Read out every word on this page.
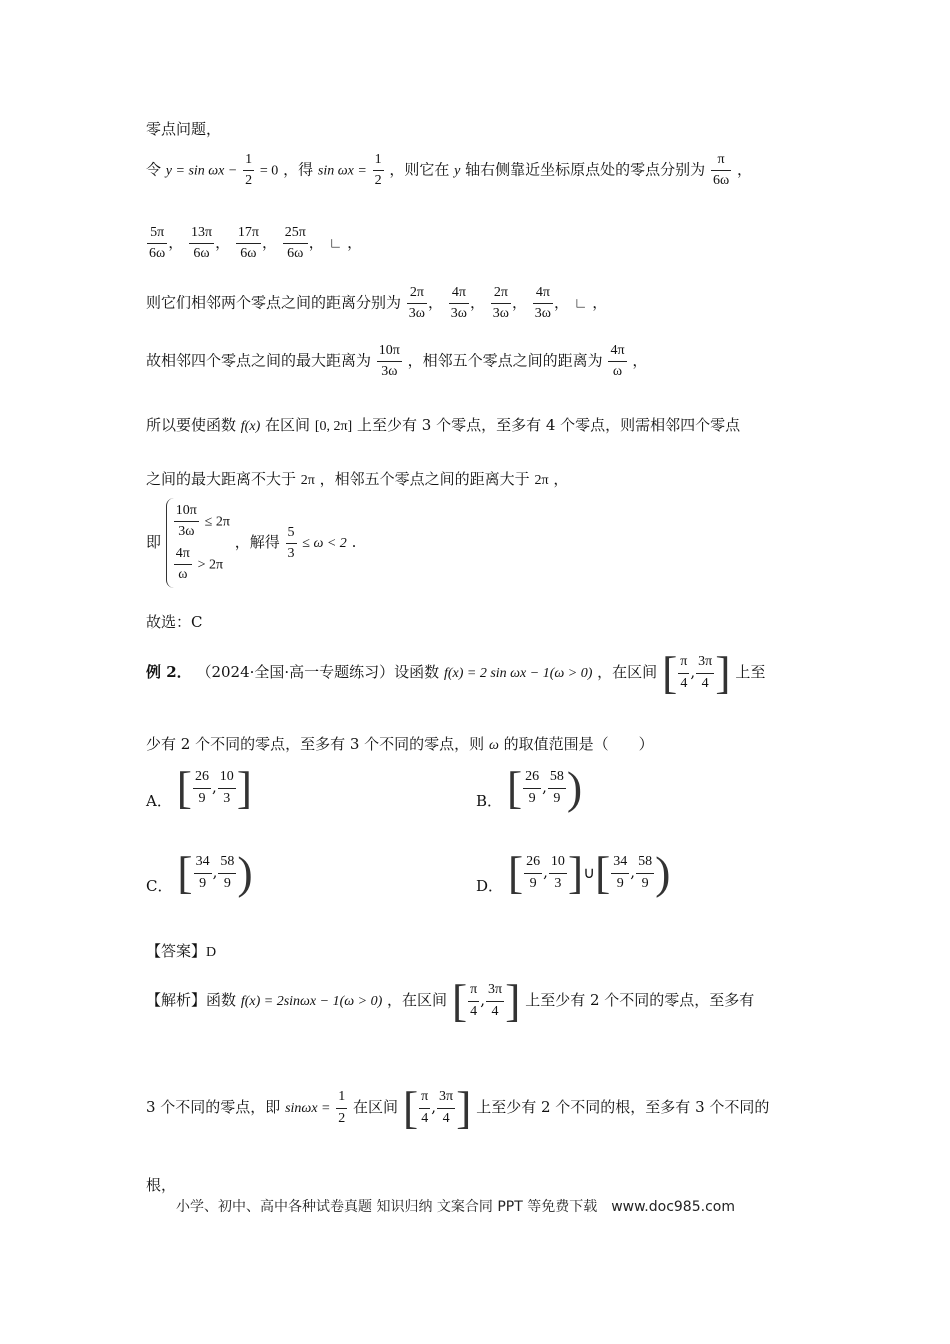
零点问题，
令 $y = \sin \omega x - \frac{1}{2} = 0$ ，得 $\sin \omega x = \frac{1}{2}$ ，则它在 y 轴右侧靠近坐标原点处的零点分别为 $\frac{\pi}{6\omega}$ ，
$\frac{5\pi}{6\omega}$ ， $\frac{13\pi}{6\omega}$ ， $\frac{17\pi}{6\omega}$ ， $\frac{25\pi}{6\omega}$ ， ∟ ，
则它们相邻两个零点之间的距离分别为 $\frac{2\pi}{3\omega}$ ， $\frac{4\pi}{3\omega}$ ， $\frac{2\pi}{3\omega}$ ， $\frac{4\pi}{3\omega}$ ， ∟ ，
故相邻四个零点之间的最大距离为 $\frac{10\pi}{3\omega}$ ，相邻五个零点之间的距离为 $\frac{4\pi}{\omega}$ ，
所以要使函数 f(x) 在区间 [0, 2π] 上至少有 3 个零点，至多有 4 个零点，则需相邻四个零点
之间的最大距离不大于 2π ，相邻五个零点之间的距离大于 2π ，
即
$\frac{10\pi}{3\omega} \le 2\pi$
$\frac{4\pi}{\omega} > 2\pi$
，解得 $\frac{5}{3} \le \omega < 2$ .
故选：C
例 2． （2024·全国·高一专题练习）设函数 f(x) = 2 sin ωx − 1(ω > 0) ，在区间 [ $\frac{\pi}{4}$ , $\frac{3\pi}{4}$ ] 上至
少有 2 个不同的零点，至多有 3 个不同的零点，则 ω 的取值范围是（　　）
A． [ $\frac{26}{9}$ , $\frac{10}{3}$ ]	B． [ $\frac{26}{9}$ , $\frac{58}{9}$ )
C． [ $\frac{34}{9}$ , $\frac{58}{9}$ )	D． [ $\frac{26}{9}$ , $\frac{10}{3}$ ]∪[ $\frac{34}{9}$ , $\frac{58}{9}$ )
【答案】D
【解析】函数 f(x) = 2sinωx − 1(ω > 0) ，在区间 [ $\frac{\pi}{4}$ , $\frac{3\pi}{4}$ ] 上至少有 2 个不同的零点，至多有
3 个不同的零点，即 $\sin\omega x = \frac{1}{2}$ 在区间 [ $\frac{\pi}{4}$ , $\frac{3\pi}{4}$ ] 上至少有 2 个不同的根，至多有 3 个不同的
根，
小学、初中、高中各种试卷真题 知识归纳 文案合同 PPT 等免费下载　www.doc985.com
